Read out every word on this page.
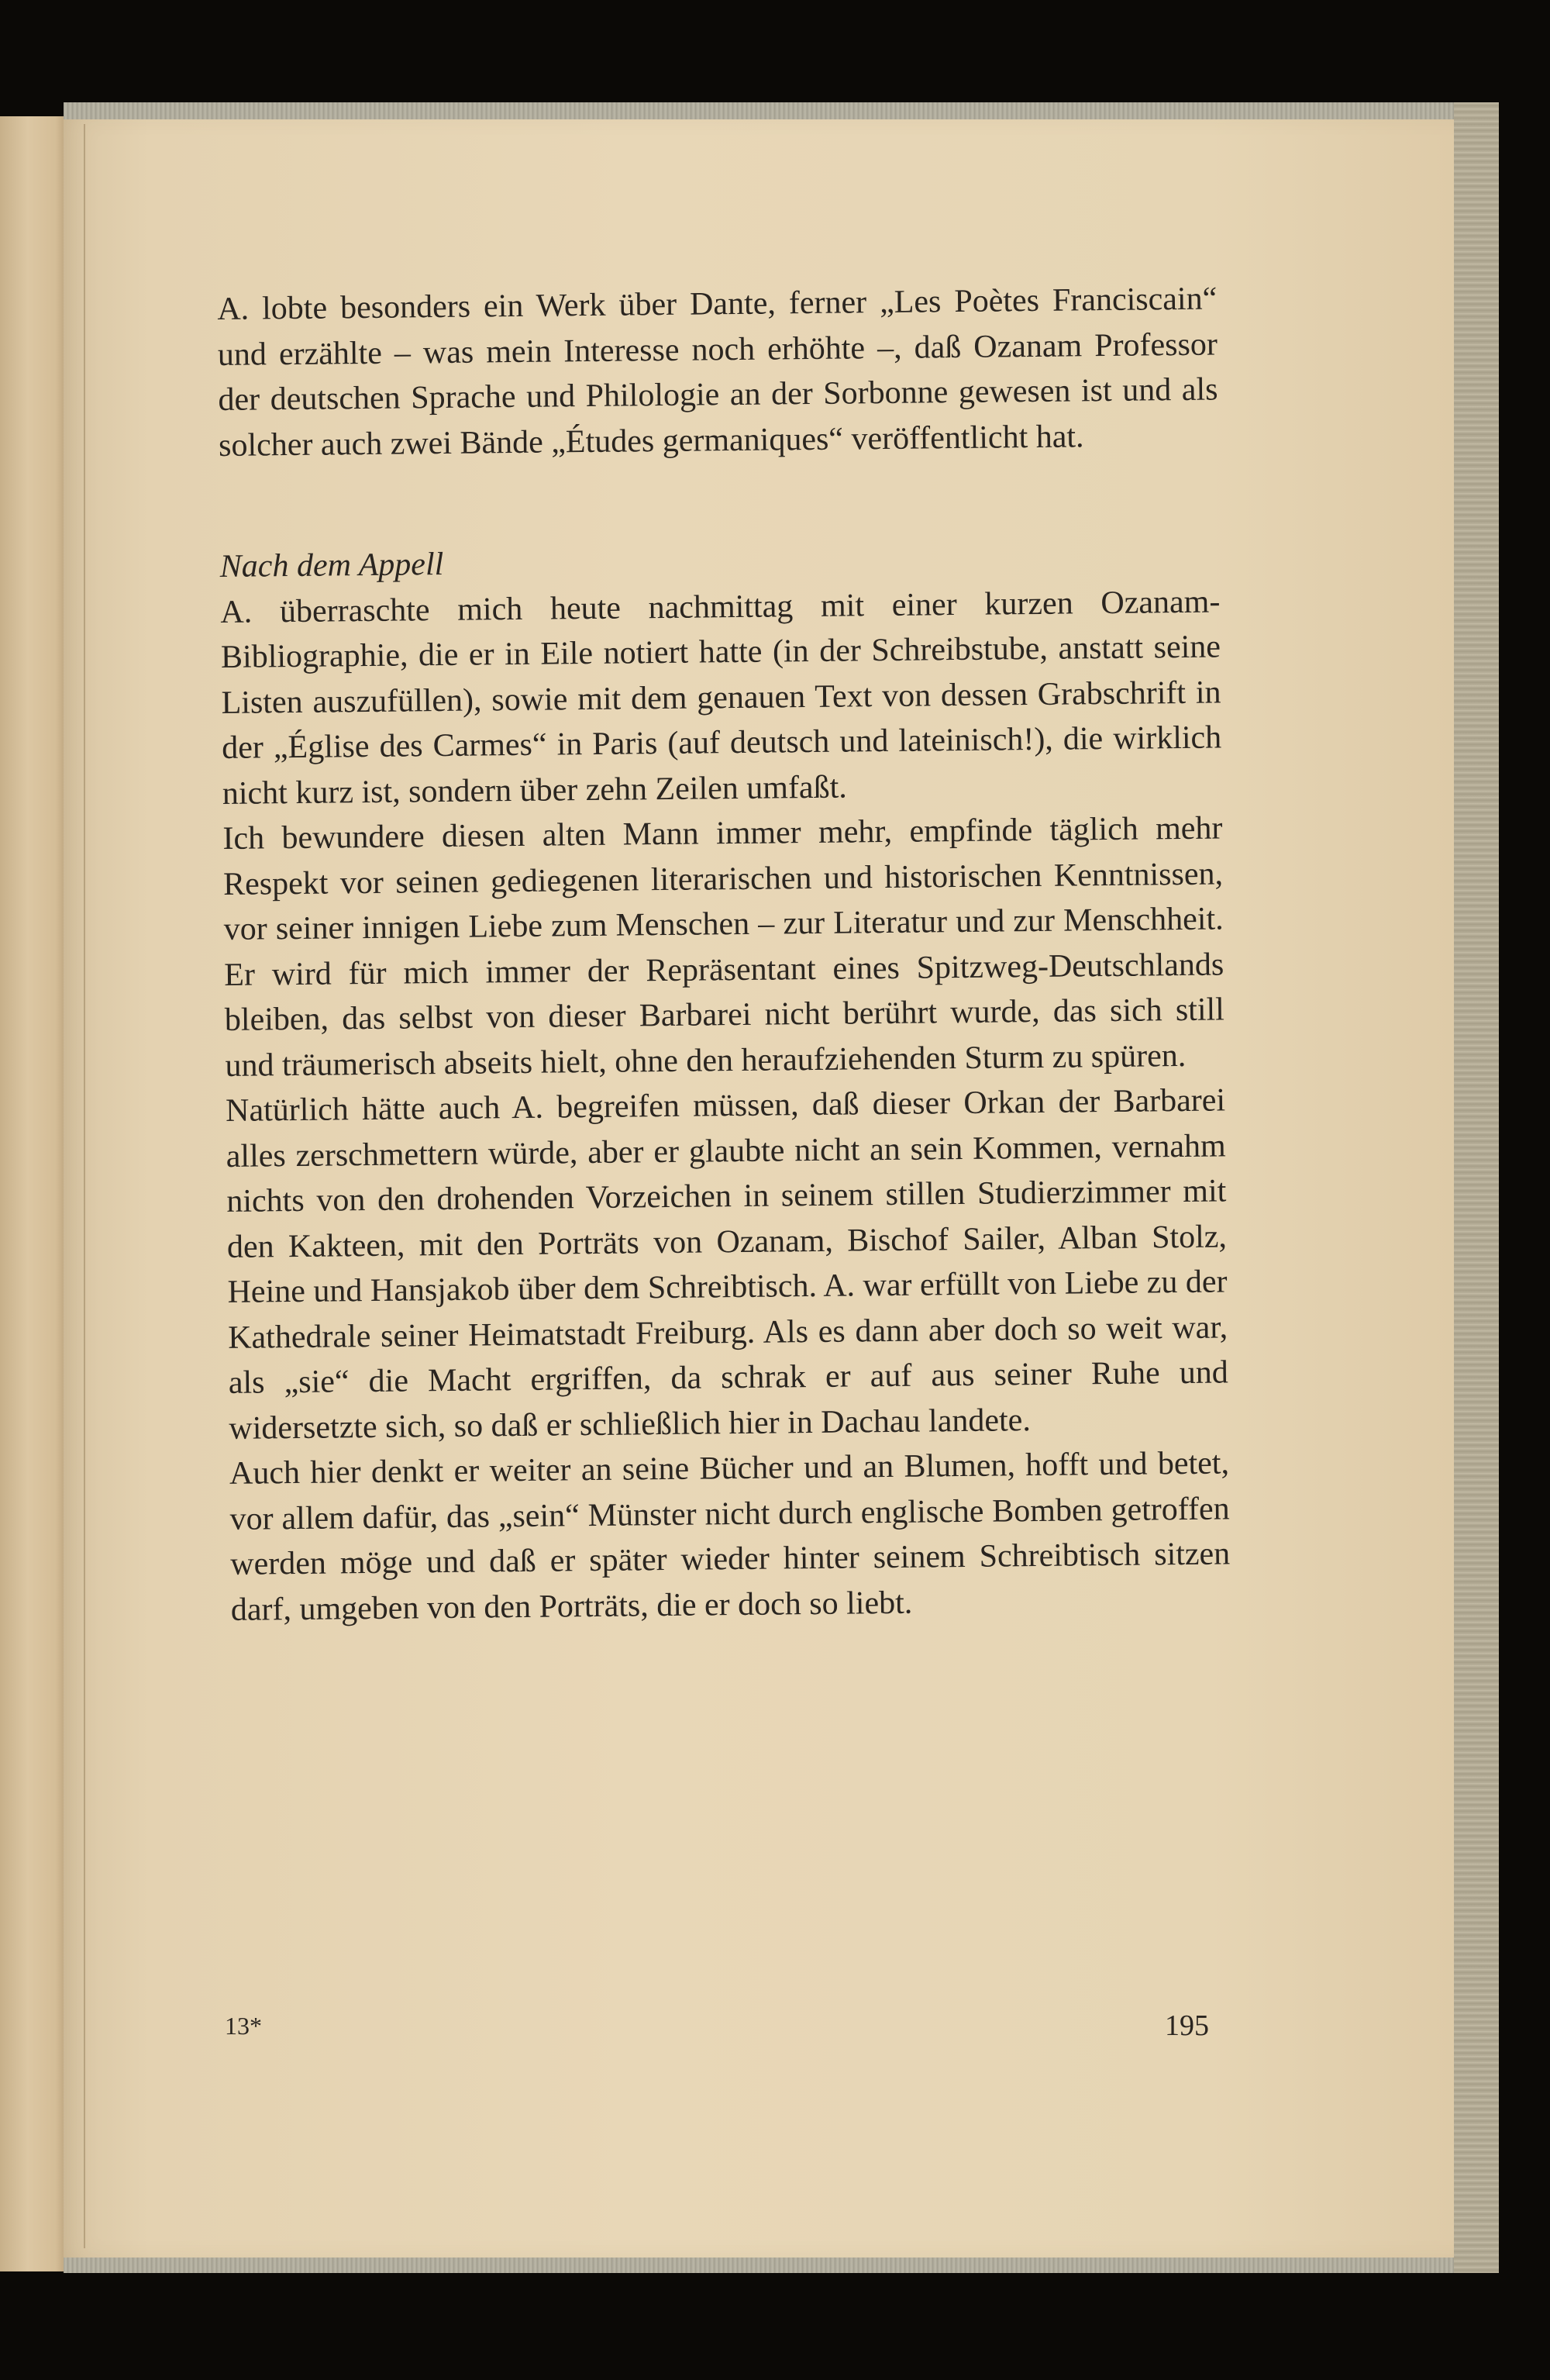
A. lobte besonders ein Werk über Dante, ferner „Les Poètes Franciscain“ und erzählte – was mein Interesse noch erhöhte –, daß Ozanam Professor der deutschen Sprache und Philologie an der Sorbonne gewesen ist und als solcher auch zwei Bände „Études germaniques“ veröffentlicht hat.

Nach dem Appell

A. überraschte mich heute nachmittag mit einer kurzen Ozanam-Bibliographie, die er in Eile notiert hatte (in der Schreibstube, anstatt seine Listen auszufüllen), sowie mit dem genauen Text von dessen Grabschrift in der „Église des Carmes“ in Paris (auf deutsch und lateinisch!), die wirklich nicht kurz ist, sondern über zehn Zeilen umfaßt.

Ich bewundere diesen alten Mann immer mehr, empfinde täglich mehr Respekt vor seinen gediegenen literarischen und historischen Kenntnissen, vor seiner innigen Liebe zum Menschen – zur Literatur und zur Menschheit. Er wird für mich immer der Repräsentant eines Spitzweg-Deutschlands bleiben, das selbst von dieser Barbarei nicht berührt wurde, das sich still und träumerisch abseits hielt, ohne den heraufziehenden Sturm zu spüren.

Natürlich hätte auch A. begreifen müssen, daß dieser Orkan der Barbarei alles zerschmettern würde, aber er glaubte nicht an sein Kommen, vernahm nichts von den drohenden Vorzeichen in seinem stillen Studierzimmer mit den Kakteen, mit den Porträts von Ozanam, Bischof Sailer, Alban Stolz, Heine und Hansjakob über dem Schreibtisch. A. war erfüllt von Liebe zu der Kathedrale seiner Heimatstadt Freiburg. Als es dann aber doch so weit war, als „sie“ die Macht ergriffen, da schrak er auf aus seiner Ruhe und widersetzte sich, so daß er schließlich hier in Dachau landete.

Auch hier denkt er weiter an seine Bücher und an Blumen, hofft und betet, vor allem dafür, das „sein“ Münster nicht durch englische Bomben getroffen werden möge und daß er später wieder hinter seinem Schreibtisch sitzen darf, umgeben von den Porträts, die er doch so liebt.

13*	195
